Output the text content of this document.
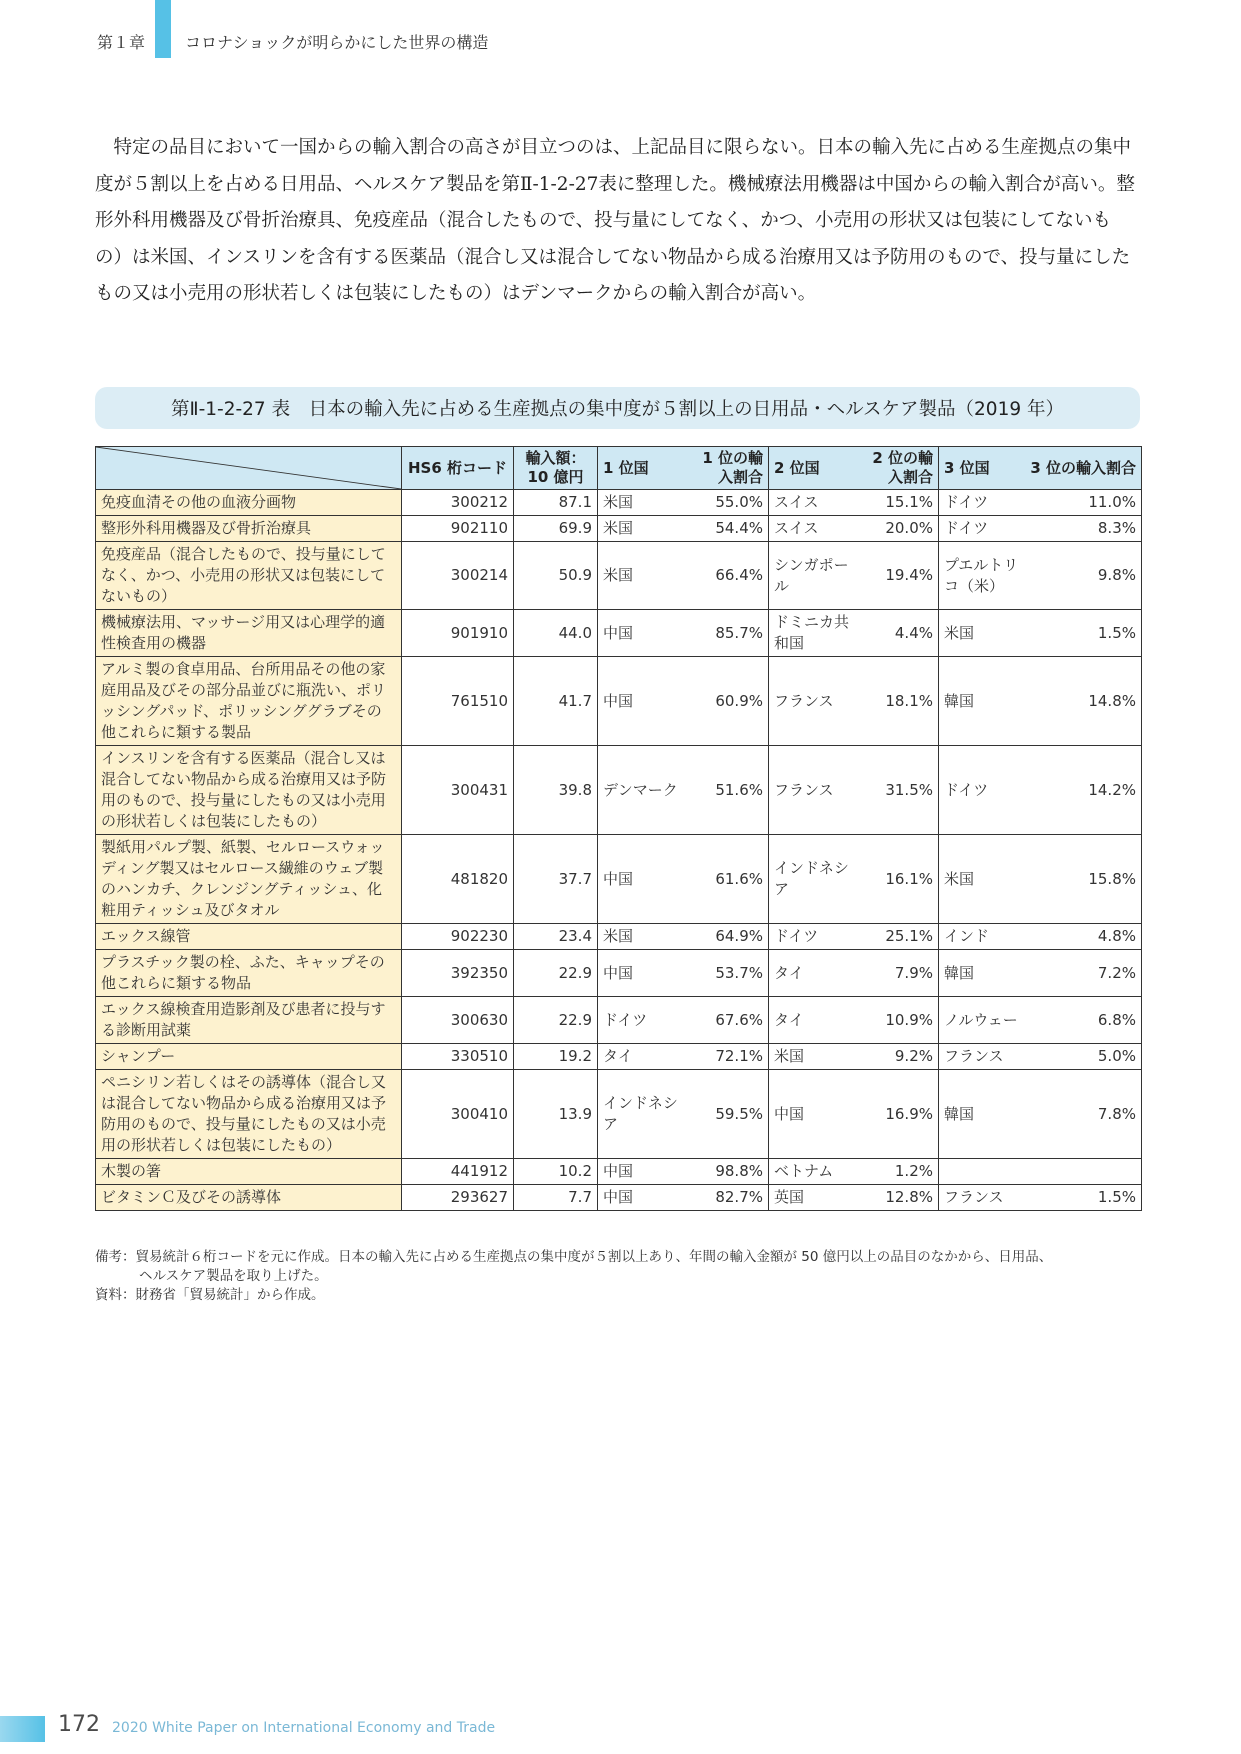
第１章 コロナショックが明らかにした世界の構造

特定の品目において一国からの輸入割合の高さが目立つのは、上記品目に限らない。日本の輸入先に占める生産拠点の集中度が５割以上を占める日用品、ヘルスケア製品を第Ⅱ-1-2-27表に整理した。機械療法用機器は中国からの輸入割合が高い。整形外科用機器及び骨折治療具、免疫産品（混合したもので、投与量にしてなく、かつ、小売用の形状又は包装にしてないもの）は米国、インスリンを含有する医薬品（混合し又は混合してない物品から成る治療用又は予防用のもので、投与量にしたもの又は小売用の形状若しくは包装にしたもの）はデンマークからの輸入割合が高い。

第Ⅱ-1-2-27 表　日本の輸入先に占める生産拠点の集中度が５割以上の日用品・ヘルスケア製品（2019 年）
	HS6 桁コード	輸入額：10 億円	1 位国	1 位の輸入割合	2 位国	2 位の輸入割合	3 位国	3 位の輸入割合
免疫血清その他の血液分画物	300212	87.1	米国	55.0%	スイス	15.1%	ドイツ	11.0%
整形外科用機器及び骨折治療具	902110	69.9	米国	54.4%	スイス	20.0%	ドイツ	8.3%
免疫産品（混合したもので、投与量にしてなく、かつ、小売用の形状又は包装にしてないもの）	300214	50.9	米国	66.4%	シンガポール	19.4%	プエルトリコ（米）	9.8%
機械療法用、マッサージ用又は心理学的適性検査用の機器	901910	44.0	中国	85.7%	ドミニカ共和国	4.4%	米国	1.5%
アルミ製の食卓用品、台所用品その他の家庭用品及びその部分品並びに瓶洗い、ポリッシングパッド、ポリッシンググラブその他これらに類する製品	761510	41.7	中国	60.9%	フランス	18.1%	韓国	14.8%
インスリンを含有する医薬品（混合し又は混合してない物品から成る治療用又は予防用のもので、投与量にしたもの又は小売用の形状若しくは包装にしたもの）	300431	39.8	デンマーク	51.6%	フランス	31.5%	ドイツ	14.2%
製紙用パルプ製、紙製、セルロースウォッディング製又はセルロース繊維のウェブ製のハンカチ、クレンジングティッシュ、化粧用ティッシュ及びタオル	481820	37.7	中国	61.6%	インドネシア	16.1%	米国	15.8%
エックス線管	902230	23.4	米国	64.9%	ドイツ	25.1%	インド	4.8%
プラスチック製の栓、ふた、キャップその他これらに類する物品	392350	22.9	中国	53.7%	タイ	7.9%	韓国	7.2%
エックス線検査用造影剤及び患者に投与する診断用試薬	300630	22.9	ドイツ	67.6%	タイ	10.9%	ノルウェー	6.8%
シャンプー	330510	19.2	タイ	72.1%	米国	9.2%	フランス	5.0%
ペニシリン若しくはその誘導体（混合し又は混合してない物品から成る治療用又は予防用のもので、投与量にしたもの又は小売用の形状若しくは包装にしたもの）	300410	13.9	インドネシア	59.5%	中国	16.9%	韓国	7.8%
木製の箸	441912	10.2	中国	98.8%	ベトナム	1.2%		
ビタミンＣ及びその誘導体	293627	7.7	中国	82.7%	英国	12.8%	フランス	1.5%

備考：貿易統計６桁コードを元に作成。日本の輸入先に占める生産拠点の集中度が５割以上あり、年間の輸入金額が 50 億円以上の品目のなかから、日用品、

ヘルスケア製品を取り上げた。

資料：財務省「貿易統計」から作成。

172 2020 White Paper on International Economy and Trade
